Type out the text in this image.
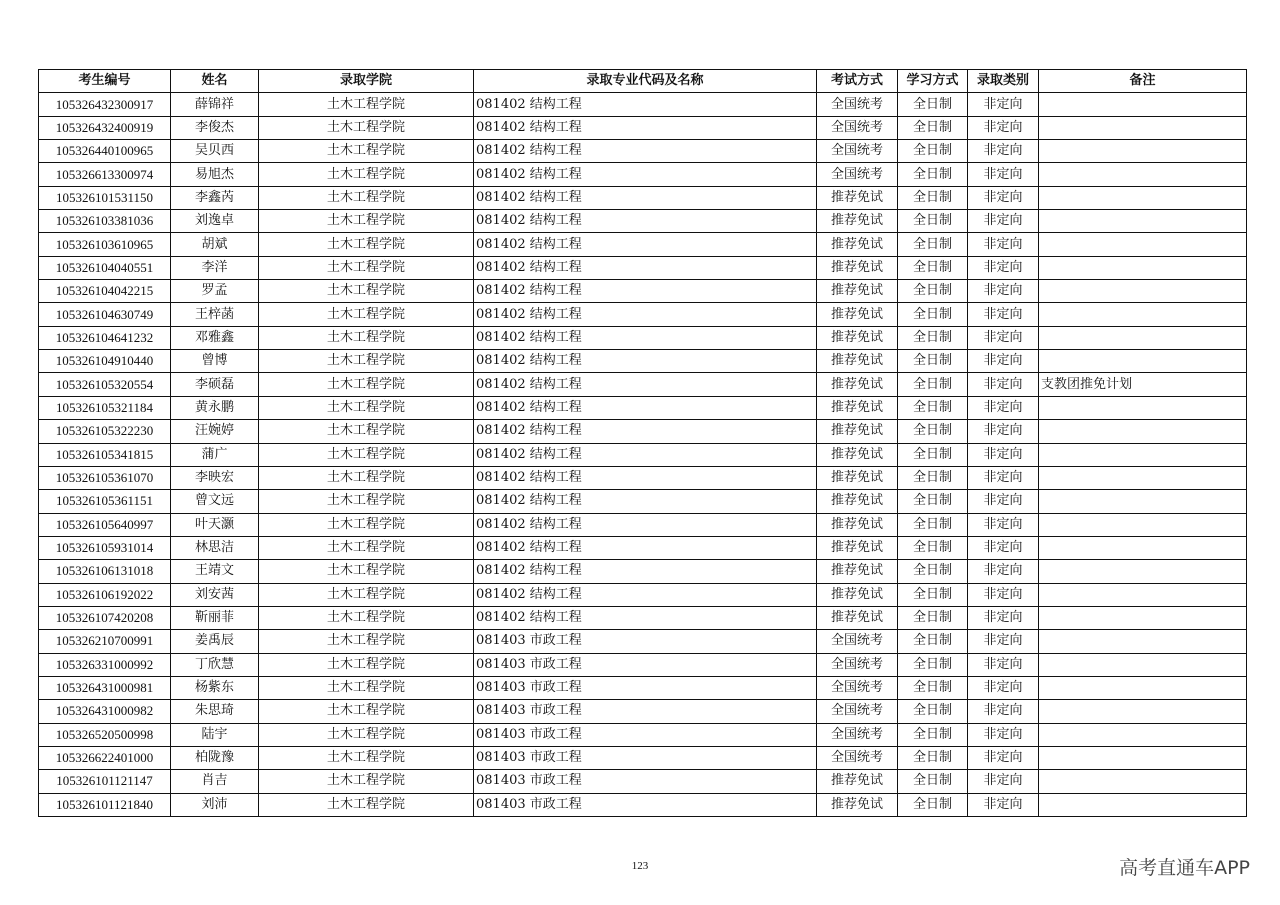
考生编号	姓名	录取学院	录取专业代码及名称	考试方式	学习方式	录取类别	备注
105326432300917	薛锦祥	土木工程学院	081402 结构工程	全国统考	全日制	非定向	
105326432400919	李俊杰	土木工程学院	081402 结构工程	全国统考	全日制	非定向	
105326440100965	吴贝西	土木工程学院	081402 结构工程	全国统考	全日制	非定向	
105326613300974	易旭杰	土木工程学院	081402 结构工程	全国统考	全日制	非定向	
105326101531150	李鑫芮	土木工程学院	081402 结构工程	推荐免试	全日制	非定向	
105326103381036	刘逸卓	土木工程学院	081402 结构工程	推荐免试	全日制	非定向	
105326103610965	胡斌	土木工程学院	081402 结构工程	推荐免试	全日制	非定向	
105326104040551	李洋	土木工程学院	081402 结构工程	推荐免试	全日制	非定向	
105326104042215	罗孟	土木工程学院	081402 结构工程	推荐免试	全日制	非定向	
105326104630749	王梓菡	土木工程学院	081402 结构工程	推荐免试	全日制	非定向	
105326104641232	邓雅鑫	土木工程学院	081402 结构工程	推荐免试	全日制	非定向	
105326104910440	曾博	土木工程学院	081402 结构工程	推荐免试	全日制	非定向	
105326105320554	李硕磊	土木工程学院	081402 结构工程	推荐免试	全日制	非定向	支教团推免计划
105326105321184	黄永鹏	土木工程学院	081402 结构工程	推荐免试	全日制	非定向	
105326105322230	汪婉婷	土木工程学院	081402 结构工程	推荐免试	全日制	非定向	
105326105341815	蒲广	土木工程学院	081402 结构工程	推荐免试	全日制	非定向	
105326105361070	李映宏	土木工程学院	081402 结构工程	推荐免试	全日制	非定向	
105326105361151	曾文远	土木工程学院	081402 结构工程	推荐免试	全日制	非定向	
105326105640997	叶天灏	土木工程学院	081402 结构工程	推荐免试	全日制	非定向	
105326105931014	林思洁	土木工程学院	081402 结构工程	推荐免试	全日制	非定向	
105326106131018	王靖文	土木工程学院	081402 结构工程	推荐免试	全日制	非定向	
105326106192022	刘安茜	土木工程学院	081402 结构工程	推荐免试	全日制	非定向	
105326107420208	靳丽菲	土木工程学院	081402 结构工程	推荐免试	全日制	非定向	
105326210700991	姜禹辰	土木工程学院	081403 市政工程	全国统考	全日制	非定向	
105326331000992	丁欣慧	土木工程学院	081403 市政工程	全国统考	全日制	非定向	
105326431000981	杨紫东	土木工程学院	081403 市政工程	全国统考	全日制	非定向	
105326431000982	朱思琦	土木工程学院	081403 市政工程	全国统考	全日制	非定向	
105326520500998	陆宇	土木工程学院	081403 市政工程	全国统考	全日制	非定向	
105326622401000	柏陇豫	土木工程学院	081403 市政工程	全国统考	全日制	非定向	
105326101121147	肖吉	土木工程学院	081403 市政工程	推荐免试	全日制	非定向	
105326101121840	刘沛	土木工程学院	081403 市政工程	推荐免试	全日制	非定向	
123	高考直通车APP
